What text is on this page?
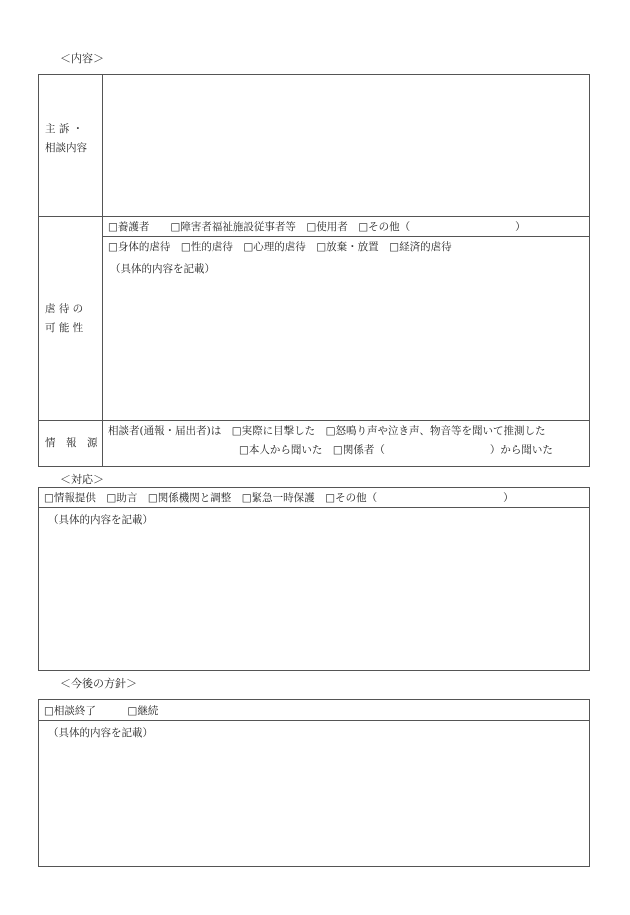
＜内容＞
主 訴 ・
相談内容
□養護者　　□障害者福祉施設従事者等　□使用者　□その他（　　　　　　　　　　）
□身体的虐待　□性的虐待　□心理的虐待　□放棄・放置　□経済的虐待
（具体的内容を記載）
虐 待 の
可 能 性
情　報　源
相談者(通報・届出者)は　□実際に目撃した　□怒鳴り声や泣き声、物音等を聞いて推測した
□本人から聞いた　□関係者（　　　　　　　　　　）から聞いた
＜対応＞
□情報提供　□助言　□関係機関と調整　□緊急一時保護　□その他（　　　　　　　　　　　　）
（具体的内容を記載）
＜今後の方針＞
□相談終了　　　□継続
（具体的内容を記載）
